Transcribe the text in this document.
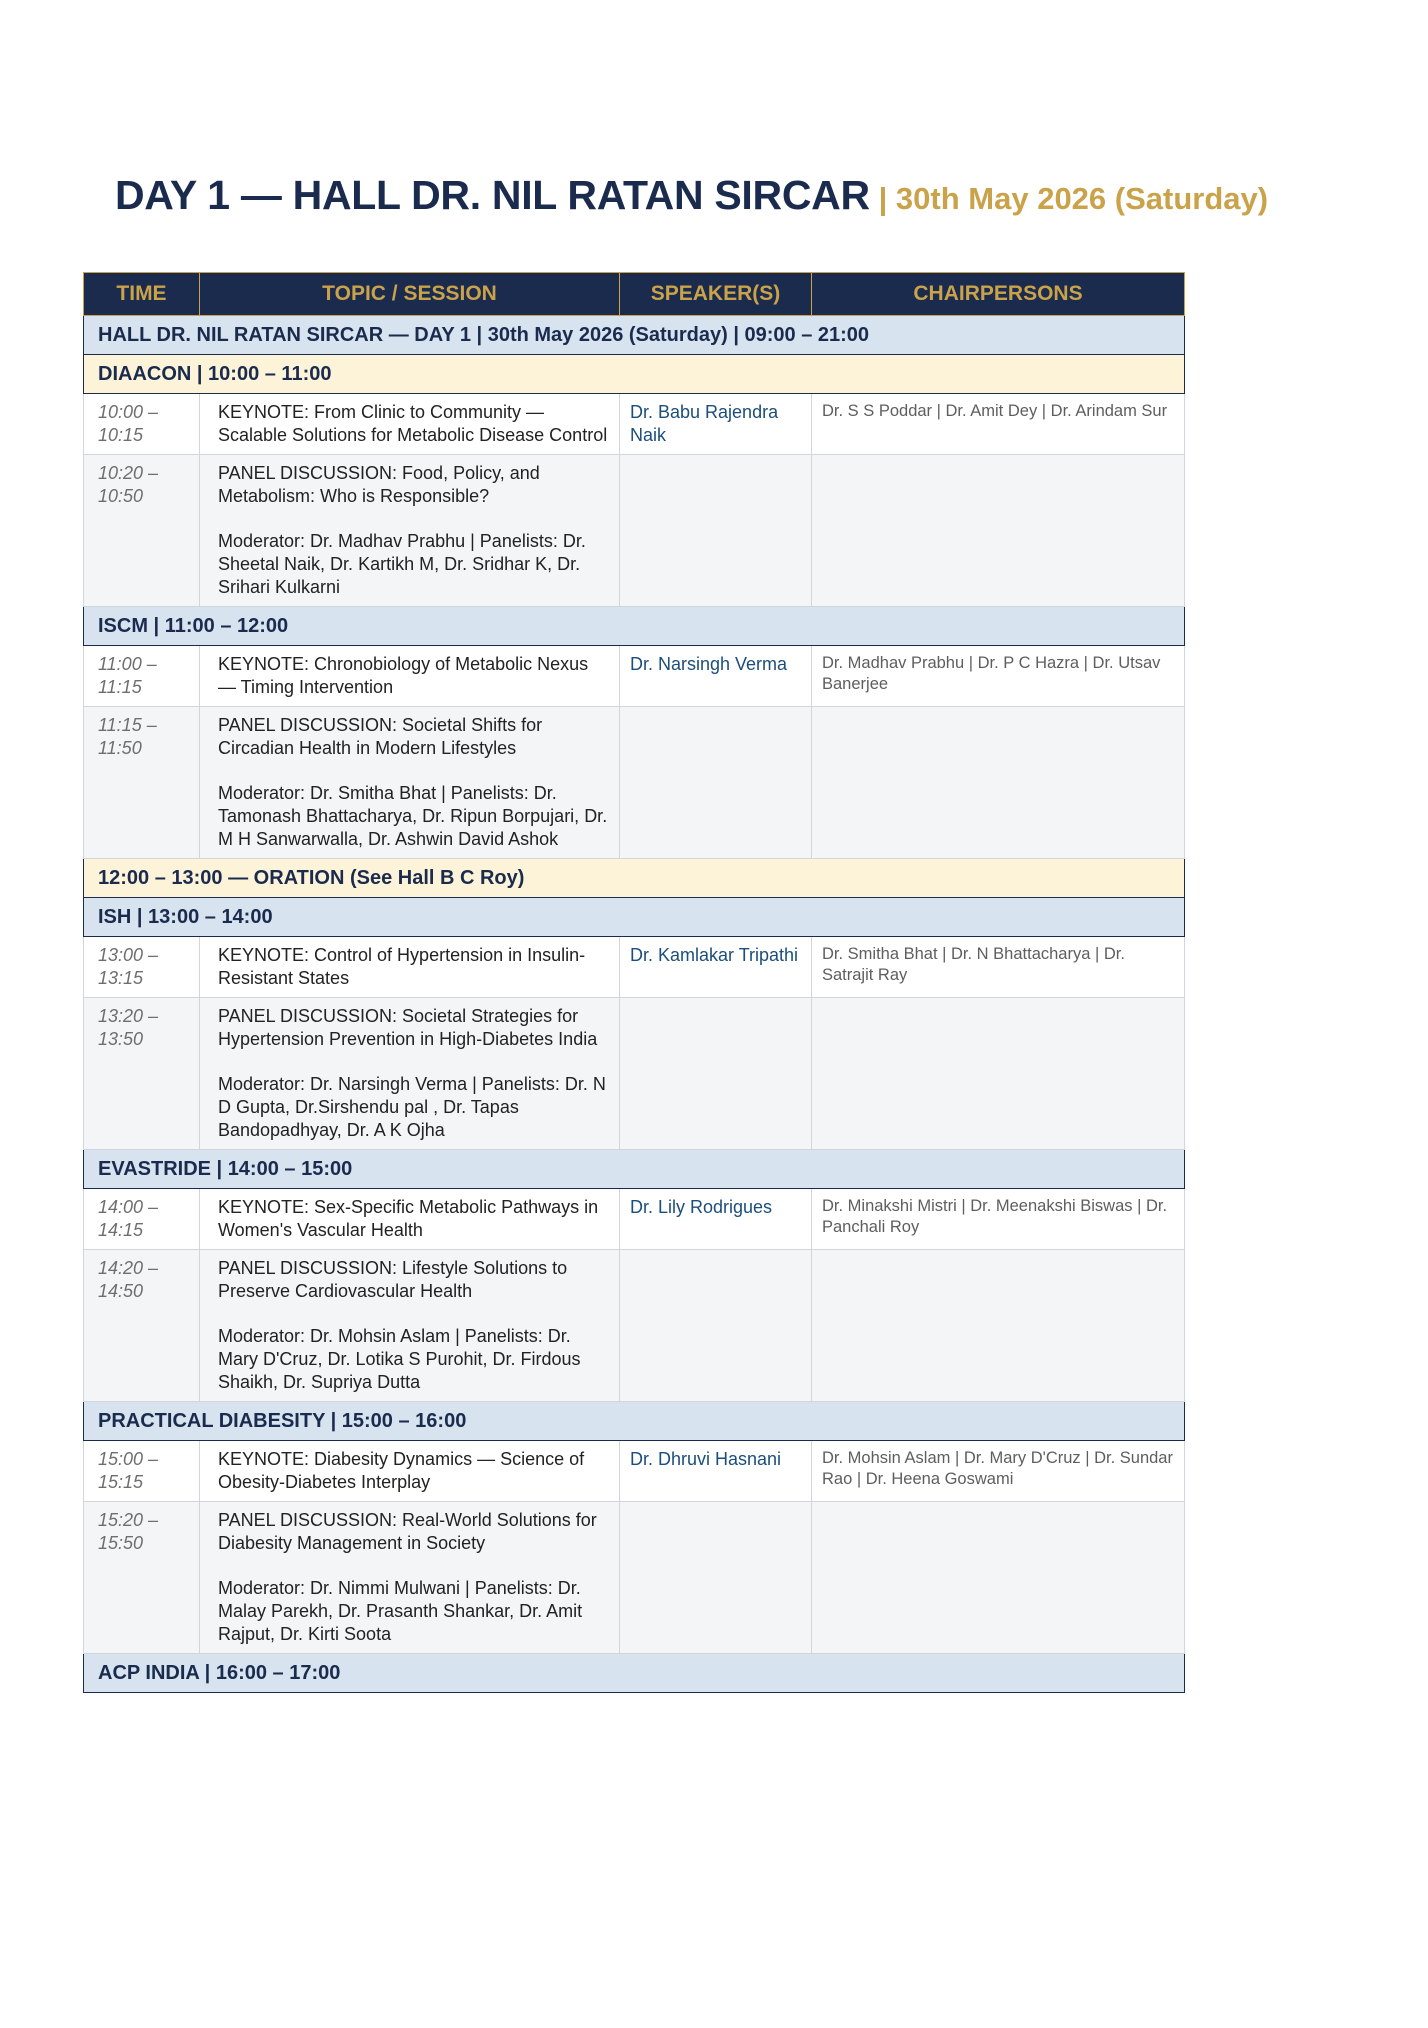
DAY 1 — HALL DR. NIL RATAN SIRCAR | 30th May 2026 (Saturday)
TIME	TOPIC / SESSION	SPEAKER(S)	CHAIRPERSONS
HALL DR. NIL RATAN SIRCAR — DAY 1 | 30th May 2026 (Saturday) | 09:00 – 21:00			
DIAACON | 10:00 – 11:00			
10:00 – 10:15	KEYNOTE: From Clinic to Community — Scalable Solutions for Metabolic Disease Control	Dr. Babu Rajendra Naik	Dr. S S Poddar | Dr. Amit Dey | Dr. Arindam Sur
10:20 – 10:50	PANEL DISCUSSION: Food, Policy, and Metabolism: Who is Responsible?
Moderator: Dr. Madhav Prabhu | Panelists: Dr. Sheetal Naik, Dr. Kartikh M, Dr. Sridhar K, Dr. Srihari Kulkarni		

ISCM | 11:00 – 12:00			
11:00 – 11:15	KEYNOTE: Chronobiology of Metabolic Nexus — Timing Intervention	Dr. Narsingh Verma	Dr. Madhav Prabhu | Dr. P C Hazra | Dr. Utsav Banerjee
11:15 – 11:50	PANEL DISCUSSION: Societal Shifts for Circadian Health in Modern Lifestyles
Moderator: Dr. Smitha Bhat | Panelists: Dr. Tamonash Bhattacharya, Dr. Ripun Borpujari, Dr. M H Sanwarwalla, Dr. Ashwin David Ashok		

12:00 – 13:00 — ORATION (See Hall B C Roy)			
ISH | 13:00 – 14:00			
13:00 – 13:15	KEYNOTE: Control of Hypertension in Insulin-Resistant States	Dr. Kamlakar Tripathi	Dr. Smitha Bhat | Dr. N Bhattacharya | Dr. Satrajit Ray
13:20 – 13:50	PANEL DISCUSSION: Societal Strategies for Hypertension Prevention in High-Diabetes India
Moderator: Dr. Narsingh Verma | Panelists: Dr. N D Gupta, Dr.Sirshendu pal , Dr. Tapas Bandopadhyay, Dr. A K Ojha		

EVASTRIDE | 14:00 – 15:00			
14:00 – 14:15	KEYNOTE: Sex-Specific Metabolic Pathways in Women's Vascular Health	Dr. Lily Rodrigues	Dr. Minakshi Mistri | Dr. Meenakshi Biswas | Dr. Panchali Roy
14:20 – 14:50	PANEL DISCUSSION: Lifestyle Solutions to Preserve Cardiovascular Health
Moderator: Dr. Mohsin Aslam | Panelists: Dr. Mary D'Cruz, Dr. Lotika S Purohit, Dr. Firdous Shaikh, Dr. Supriya Dutta		

PRACTICAL DIABESITY | 15:00 – 16:00			
15:00 – 15:15	KEYNOTE: Diabesity Dynamics — Science of Obesity-Diabetes Interplay	Dr. Dhruvi Hasnani	Dr. Mohsin Aslam | Dr. Mary D'Cruz | Dr. Sundar Rao | Dr. Heena Goswami
15:20 – 15:50	PANEL DISCUSSION: Real-World Solutions for Diabesity Management in Society
Moderator: Dr. Nimmi Mulwani | Panelists: Dr. Malay Parekh, Dr. Prasanth Shankar, Dr. Amit Rajput, Dr. Kirti Soota		

ACP INDIA | 16:00 – 17:00			
